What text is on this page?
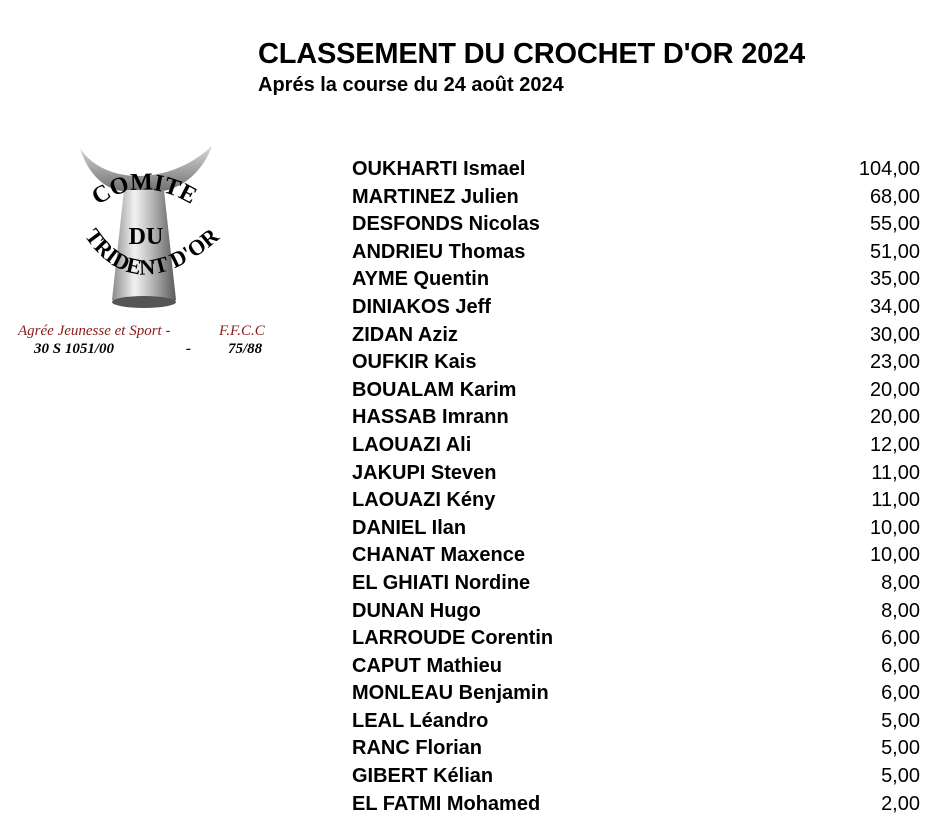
CLASSEMENT DU CROCHET D'OR 2024
Aprés la course du 24 août 2024
COMITE
DU
TRIDENT D'OR
Agrée Jeunesse et Sport -	F.F.C.C
30 S 1051/00	- 75/88
OUKHARTI Ismael	104,00
MARTINEZ Julien	68,00
DESFONDS Nicolas	55,00
ANDRIEU Thomas	51,00
AYME Quentin	35,00
DINIAKOS Jeff	34,00
ZIDAN Aziz	30,00
OUFKIR Kais	23,00
BOUALAM Karim	20,00
HASSAB Imrann	20,00
LAOUAZI Ali	12,00
JAKUPI Steven	11,00
LAOUAZI Kény	11,00
DANIEL Ilan	10,00
CHANAT Maxence	10,00
EL GHIATI Nordine	8,00
DUNAN Hugo	8,00
LARROUDE Corentin	6,00
CAPUT Mathieu	6,00
MONLEAU Benjamin	6,00
LEAL Léandro	5,00
RANC Florian	5,00
GIBERT Kélian	5,00
EL FATMI Mohamed	2,00
